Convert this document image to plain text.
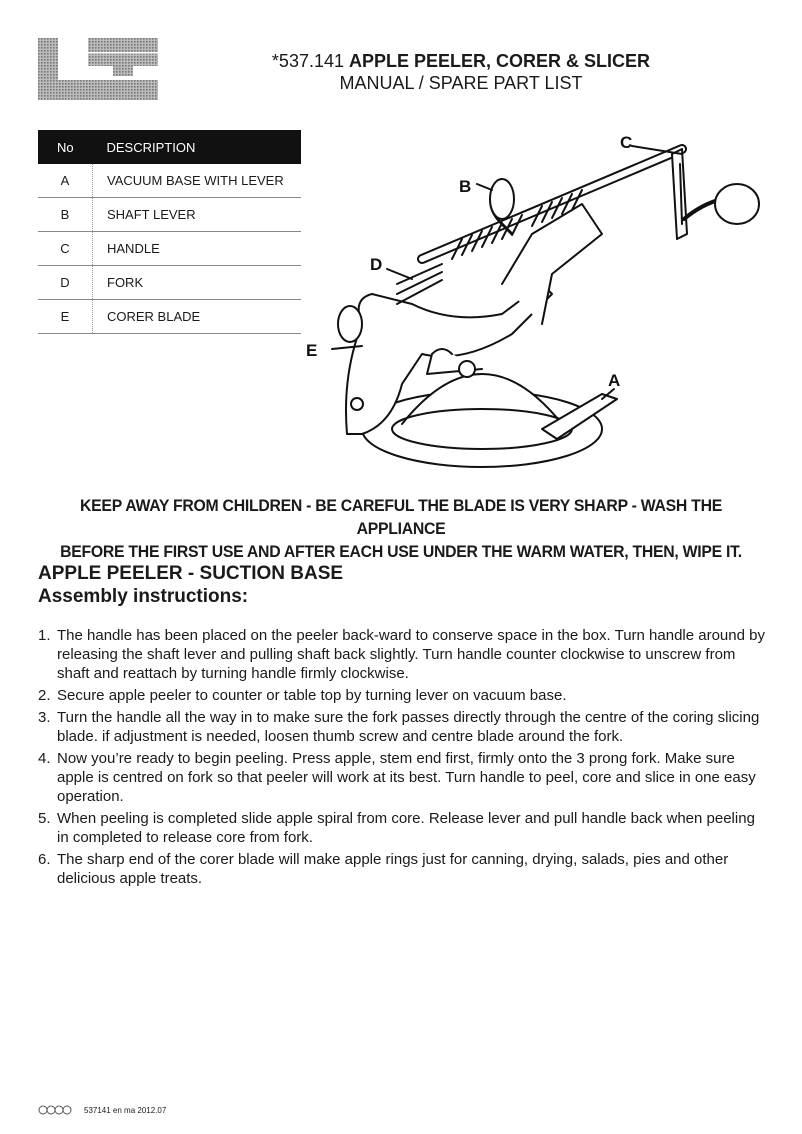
*537.141 APPLE PEELER, CORER & SLICER
MANUAL / SPARE PART LIST
No	DESCRIPTION
A	VACUUM BASE WITH LEVER
B	SHAFT LEVER
C	HANDLE
D	FORK
E	CORER BLADE
C
B
D
E
A
KEEP AWAY FROM CHILDREN - BE CAREFUL THE BLADE IS VERY SHARP - WASH THE APPLIANCE
BEFORE THE FIRST USE AND AFTER EACH USE UNDER THE WARM WATER, THEN, WIPE IT.
APPLE PEELER - SUCTION BASE
Assembly instructions:
1. The handle has been placed on the peeler back-ward to conserve space in the box. Turn handle around by releasing the shaft lever and pulling shaft back slightly. Turn handle counter clockwise to unscrew from shaft and reattach by turning handle firmly clockwise.
2. Secure apple peeler to counter or table top by turning lever on vacuum base.
3. Turn the handle all the way in to make sure the fork passes directly through the centre of the coring slicing blade. if adjustment is needed, loosen thumb screw and centre blade around the fork.
4. Now you’re ready to begin peeling. Press apple, stem end first, firmly onto the 3 prong fork. Make sure apple is centred on fork so that peeler will work at its best. Turn handle to peel, core and slice in one easy operation.
5. When peeling is completed slide apple spiral from core. Release lever and pull handle back when peeling in completed to release core from fork.
6. The sharp end of the corer blade will make apple rings just for canning, drying, salads, pies and other delicious apple treats.
537141 en ma 2012.07
